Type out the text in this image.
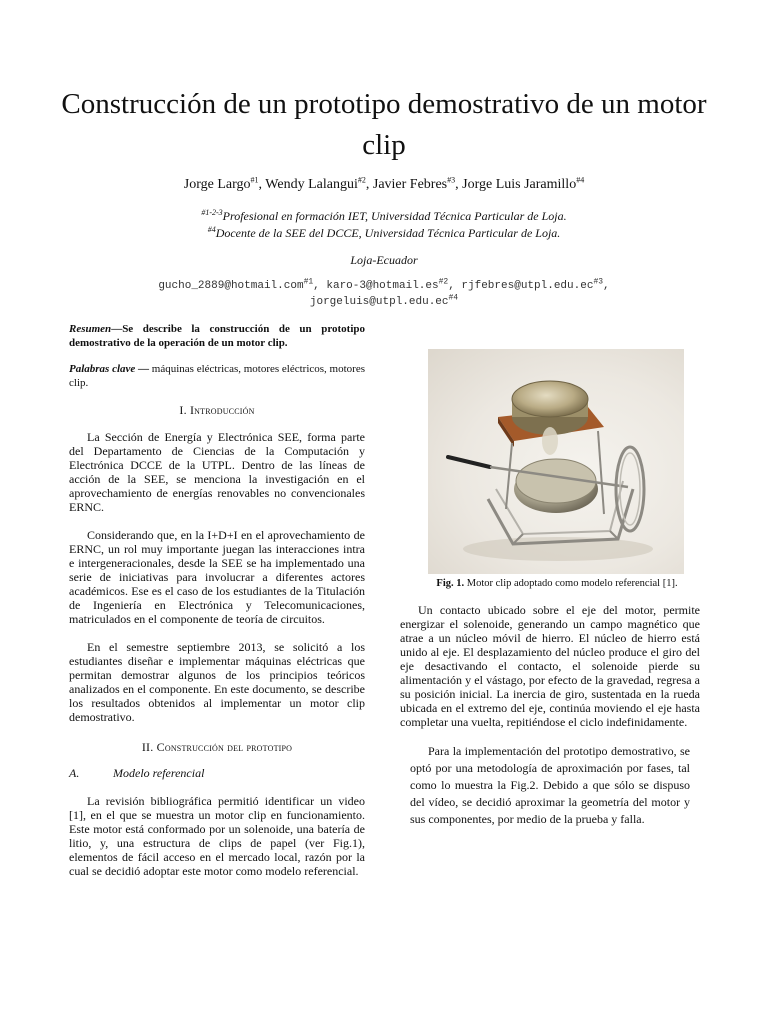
Construcción de un prototipo demostrativo de un motor clip
Jorge Largo$^{\#1}$, Wendy Lalangui$^{\#2}$, Javier Febres$^{\#3}$, Jorge Luis Jaramillo$^{\#4}$
$^{\#1-2-3}$Profesional en formación IET, Universidad Técnica Particular de Loja.
$^{\#4}$Docente de la SEE del DCCE, Universidad Técnica Particular de Loja.
Loja-Ecuador
gucho_2889@hotmail.com$^{\#1}$, karo-$3@hotmail.es^{\#2}$, $rjfebres@utpl.edu.ec^{\#3}$,
$jorgeluis@utpl.edu.ec^{\#4}$

Resumen—Se describe la construcción de un prototipo demostrativo de la operación de un motor clip.

Palabras clave — máquinas eléctricas, motores eléctricos, motores clip.

I. Introducción

La Sección de Energía y Electrónica SEE, forma parte del Departamento de Ciencias de la Computación y Electrónica DCCE de la UTPL. Dentro de las líneas de acción de la SEE, se menciona la investigación en el aprovechamiento de energías renovables no convencionales ERNC.

Considerando que, en la I+D+I en el aprovechamiento de ERNC, un rol muy importante juegan las interacciones intra e intergeneracionales, desde la SEE se ha implementado una serie de iniciativas para involucrar a diferentes actores académicos. Ese es el caso de los estudiantes de la Titulación de Ingeniería en Electrónica y Telecomunicaciones, matriculados en el componente de teoría de circuitos.

En el semestre septiembre 2013, se solicitó a los estudiantes diseñar e implementar máquinas eléctricas que permitan demostrar algunos de los principios teóricos analizados en el componente. En este documento, se describe los resultados obtenidos al implementar un motor clip demostrativo.

II. Construcción del prototipo

A.	Modelo referencial

La revisión bibliográfica permitió identificar un video [1], en el que se muestra un motor clip en funcionamiento. Este motor está conformado por un solenoide, una batería de litio, y, una estructura de clips de papel (ver Fig.1), elementos de fácil acceso en el mercado local, razón por la cual se decidió adoptar este motor como modelo referencial.

Fig. 1. Motor clip adoptado como modelo referencial [1].

Un contacto ubicado sobre el eje del motor, permite energizar el solenoide, generando un campo magnético que atrae a un núcleo móvil de hierro. El núcleo de hierro está unido al eje. El desplazamiento del núcleo produce el giro del eje desactivando el contacto, el solenoide pierde su alimentación y el vástago, por efecto de la gravedad, regresa a su posición inicial. La inercia de giro, sustentada en la rueda ubicada en el extremo del eje, continúa moviendo el eje hasta completar una vuelta, repitiéndose el ciclo indefinidamente.

Para la implementación del prototipo demostrativo, se optó por una metodología de aproximación por fases, tal como lo muestra la Fig.2. Debido a que sólo se dispuso del vídeo, se decidió aproximar la geometría del motor y sus componentes, por medio de la prueba y falla.
